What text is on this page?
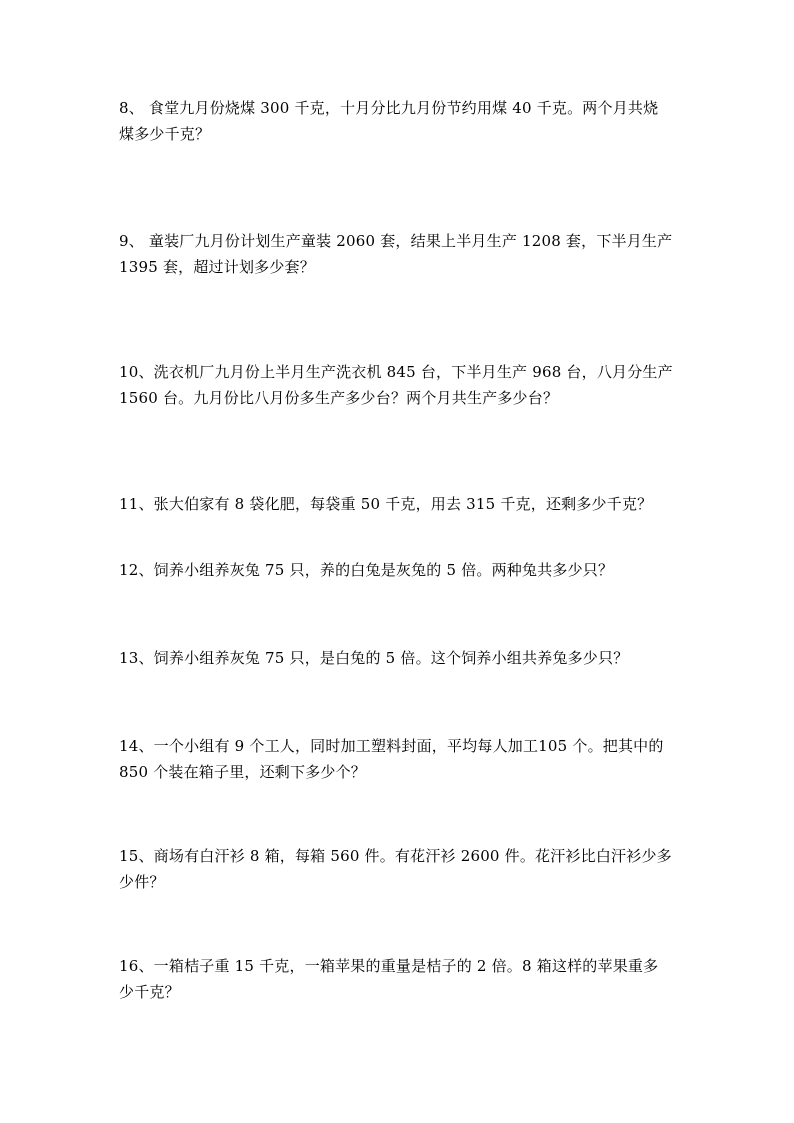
8、 食堂九月份烧煤 300 千克，十月分比九月份节约用煤 40 千克。两个月共烧
煤多少千克？
9、 童装厂九月份计划生产童装 2060 套，结果上半月生产 1208 套，下半月生产
1395 套，超过计划多少套？
10、洗衣机厂九月份上半月生产洗衣机 845 台，下半月生产 968 台，八月分生产
1560 台。九月份比八月份多生产多少台？两个月共生产多少台？
11、张大伯家有 8 袋化肥，每袋重 50 千克，用去 315 千克，还剩多少千克？
12、饲养小组养灰兔 75 只，养的白兔是灰兔的 5 倍。两种兔共多少只？
13、饲养小组养灰兔 75 只，是白兔的 5 倍。这个饲养小组共养兔多少只？
14、一个小组有 9 个工人，同时加工塑料封面，平均每人加工105 个。把其中的
850 个装在箱子里，还剩下多少个？
15、商场有白汗衫 8 箱，每箱 560 件。有花汗衫 2600 件。花汗衫比白汗衫少多
少件？
16、一箱桔子重 15 千克，一箱苹果的重量是桔子的 2 倍。8 箱这样的苹果重多
少千克？
